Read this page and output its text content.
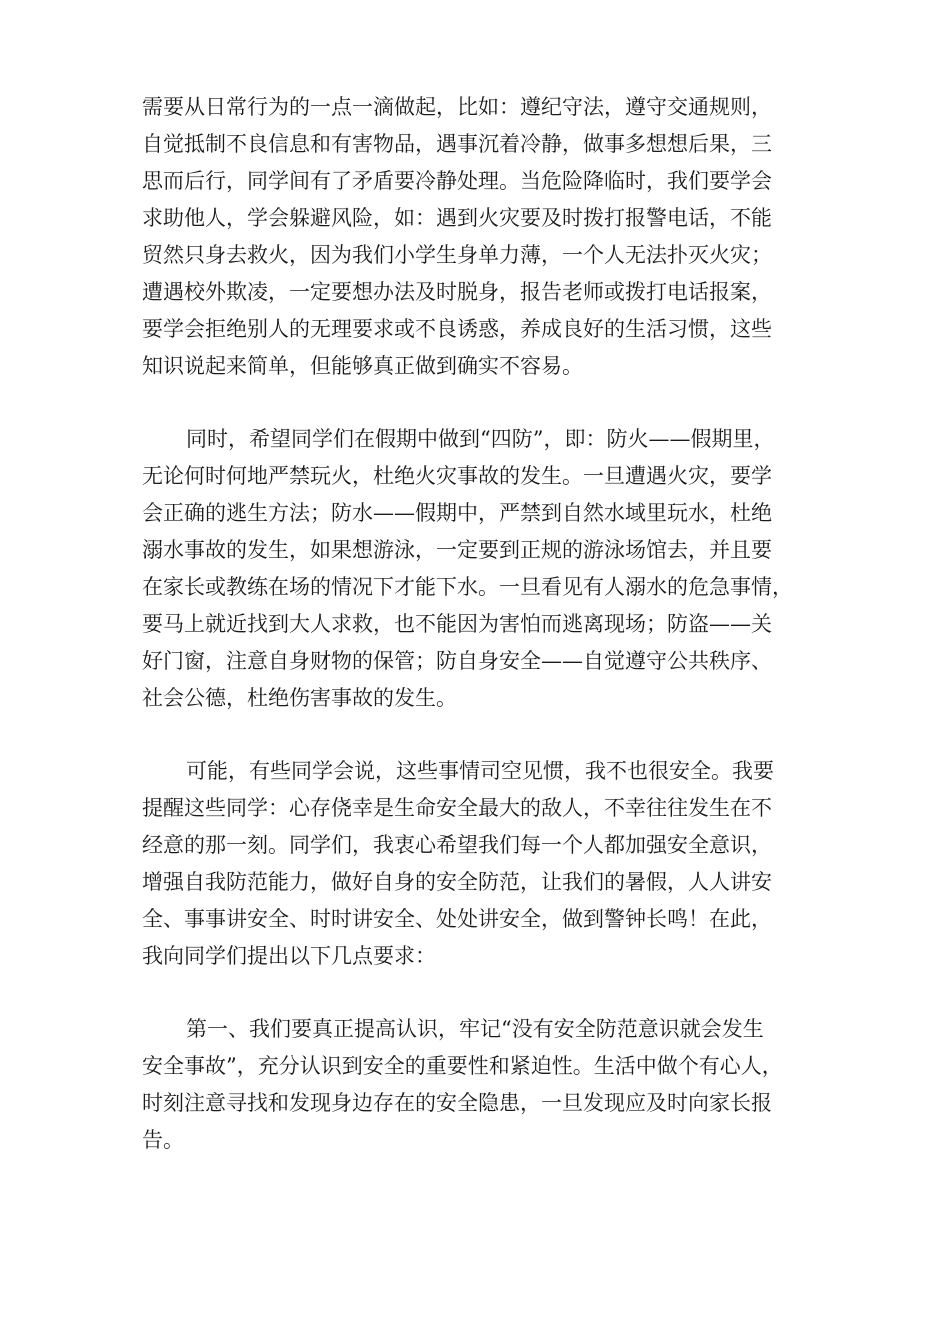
需要从日常行为的一点一滴做起，比如：遵纪守法，遵守交通规则，
自觉抵制不良信息和有害物品，遇事沉着冷静，做事多想想后果，三
思而后行，同学间有了矛盾要冷静处理。当危险降临时，我们要学会
求助他人，学会躲避风险，如：遇到火灾要及时拨打报警电话，不能
贸然只身去救火，因为我们小学生身单力薄，一个人无法扑灭火灾；
遭遇校外欺凌，一定要想办法及时脱身，报告老师或拨打电话报案，
要学会拒绝别人的无理要求或不良诱惑，养成良好的生活习惯，这些
知识说起来简单，但能够真正做到确实不容易。
同时，希望同学们在假期中做到“四防”，即：防火——假期里，
无论何时何地严禁玩火，杜绝火灾事故的发生。一旦遭遇火灾，要学
会正确的逃生方法；防水——假期中，严禁到自然水域里玩水，杜绝
溺水事故的发生，如果想游泳，一定要到正规的游泳场馆去，并且要
在家长或教练在场的情况下才能下水。一旦看见有人溺水的危急事情，
要马上就近找到大人求救，也不能因为害怕而逃离现场；防盗——关
好门窗，注意自身财物的保管；防自身安全——自觉遵守公共秩序、
社会公德，杜绝伤害事故的发生。
可能，有些同学会说，这些事情司空见惯，我不也很安全。我要
提醒这些同学：心存侥幸是生命安全最大的敌人，不幸往往发生在不
经意的那一刻。同学们，我衷心希望我们每一个人都加强安全意识，
增强自我防范能力，做好自身的安全防范，让我们的暑假，人人讲安
全、事事讲安全、时时讲安全、处处讲安全，做到警钟长鸣！在此，
我向同学们提出以下几点要求：
第一、我们要真正提高认识，牢记“没有安全防范意识就会发生
安全事故”，充分认识到安全的重要性和紧迫性。生活中做个有心人，
时刻注意寻找和发现身边存在的安全隐患，一旦发现应及时向家长报
告。
